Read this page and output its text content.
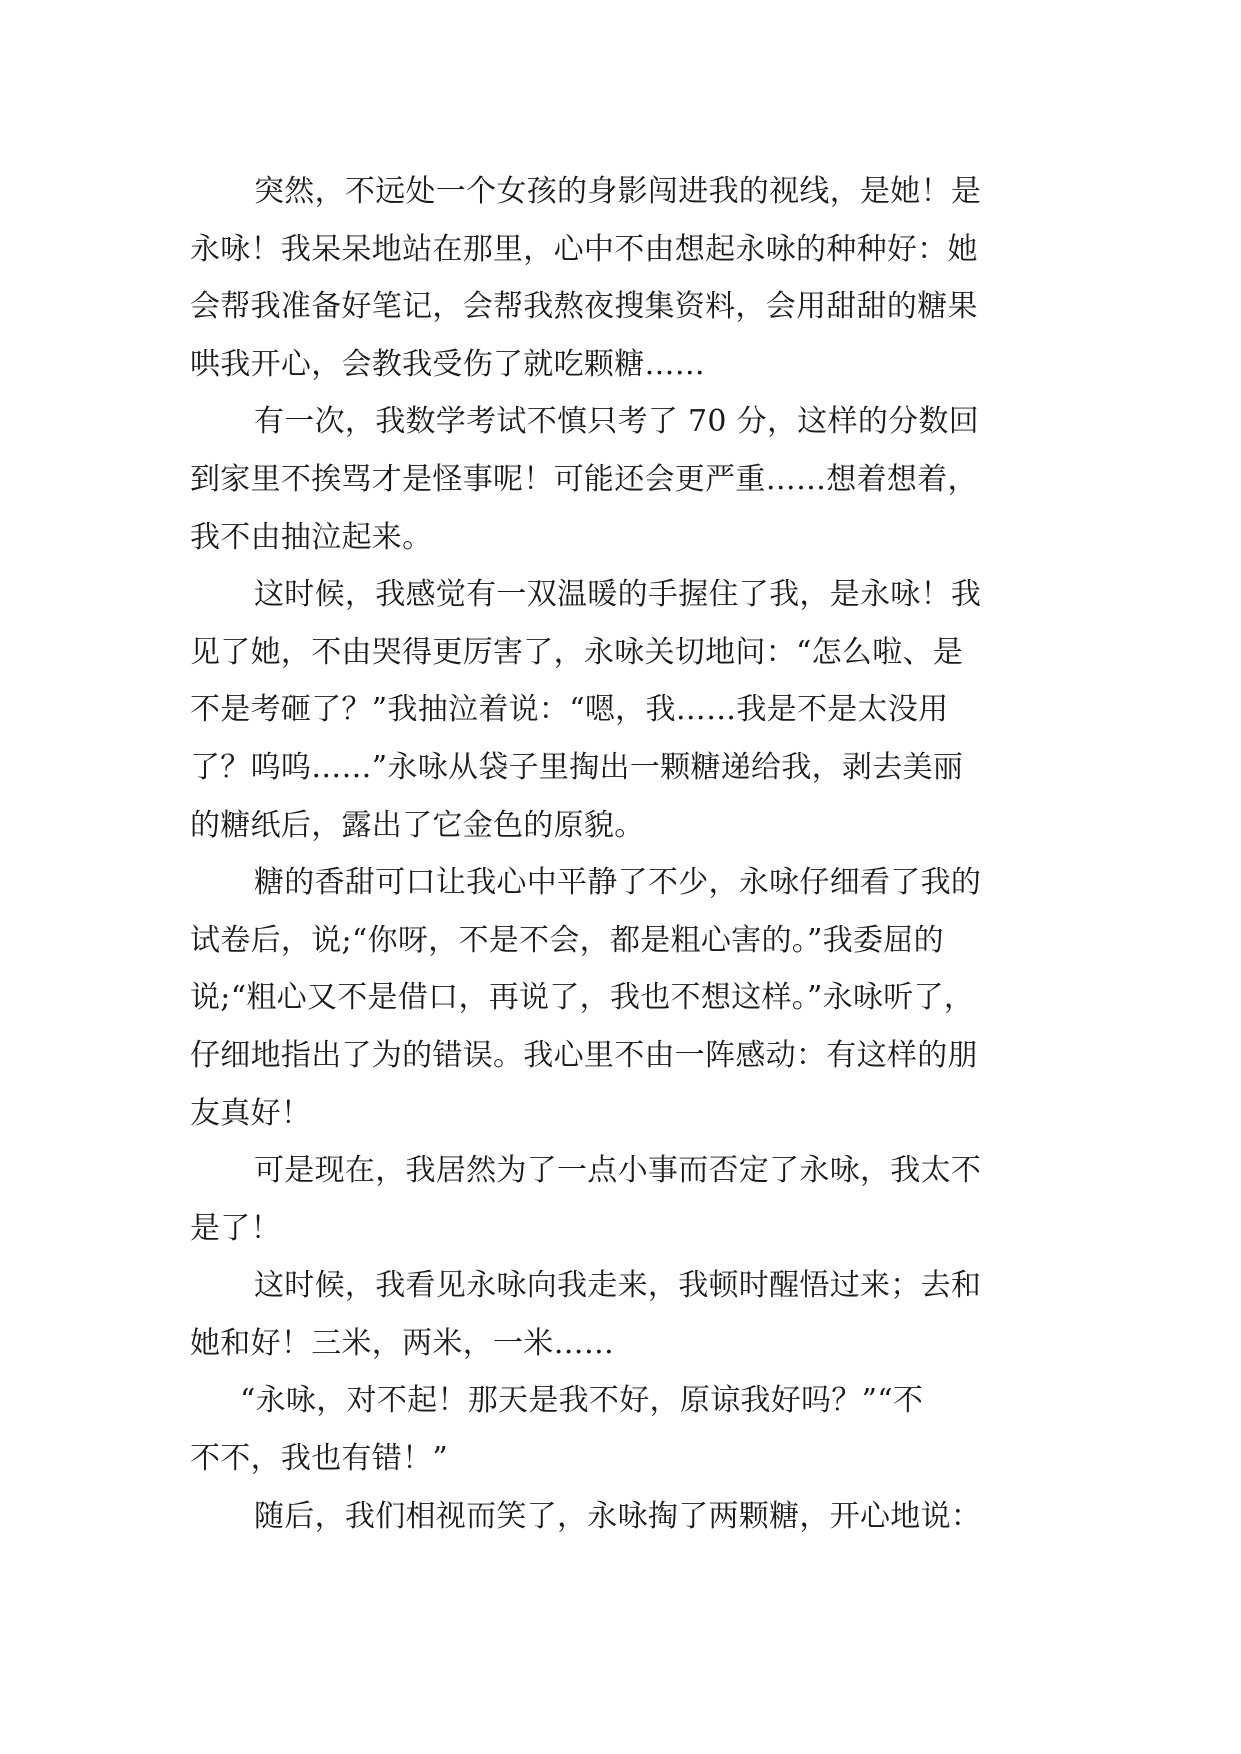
突然，不远处一个女孩的身影闯进我的视线，是她！是
永咏！我呆呆地站在那里，心中不由想起永咏的种种好：她
会帮我准备好笔记，会帮我熬夜搜集资料，会用甜甜的糖果
哄我开心，会教我受伤了就吃颗糖……
有一次，我数学考试不慎只考了 70 分，这样的分数回
到家里不挨骂才是怪事呢！可能还会更严重……想着想着，
我不由抽泣起来。
这时候，我感觉有一双温暖的手握住了我，是永咏！我
见了她，不由哭得更厉害了，永咏关切地问：“怎么啦、是
不是考砸了？”我抽泣着说：“嗯，我……我是不是太没用
了？呜呜……”永咏从袋子里掏出一颗糖递给我，剥去美丽
的糖纸后，露出了它金色的原貌。
糖的香甜可口让我心中平静了不少，永咏仔细看了我的
试卷后，说;“你呀，不是不会，都是粗心害的。”我委屈的
说;“粗心又不是借口，再说了，我也不想这样。”永咏听了，
仔细地指出了为的错误。我心里不由一阵感动：有这样的朋
友真好！
可是现在，我居然为了一点小事而否定了永咏，我太不
是了！
这时候，我看见永咏向我走来，我顿时醒悟过来；去和
她和好！三米，两米，一米……
“永咏，对不起！那天是我不好，原谅我好吗？”“不
不不，我也有错！”
随后，我们相视而笑了，永咏掏了两颗糖，开心地说：
